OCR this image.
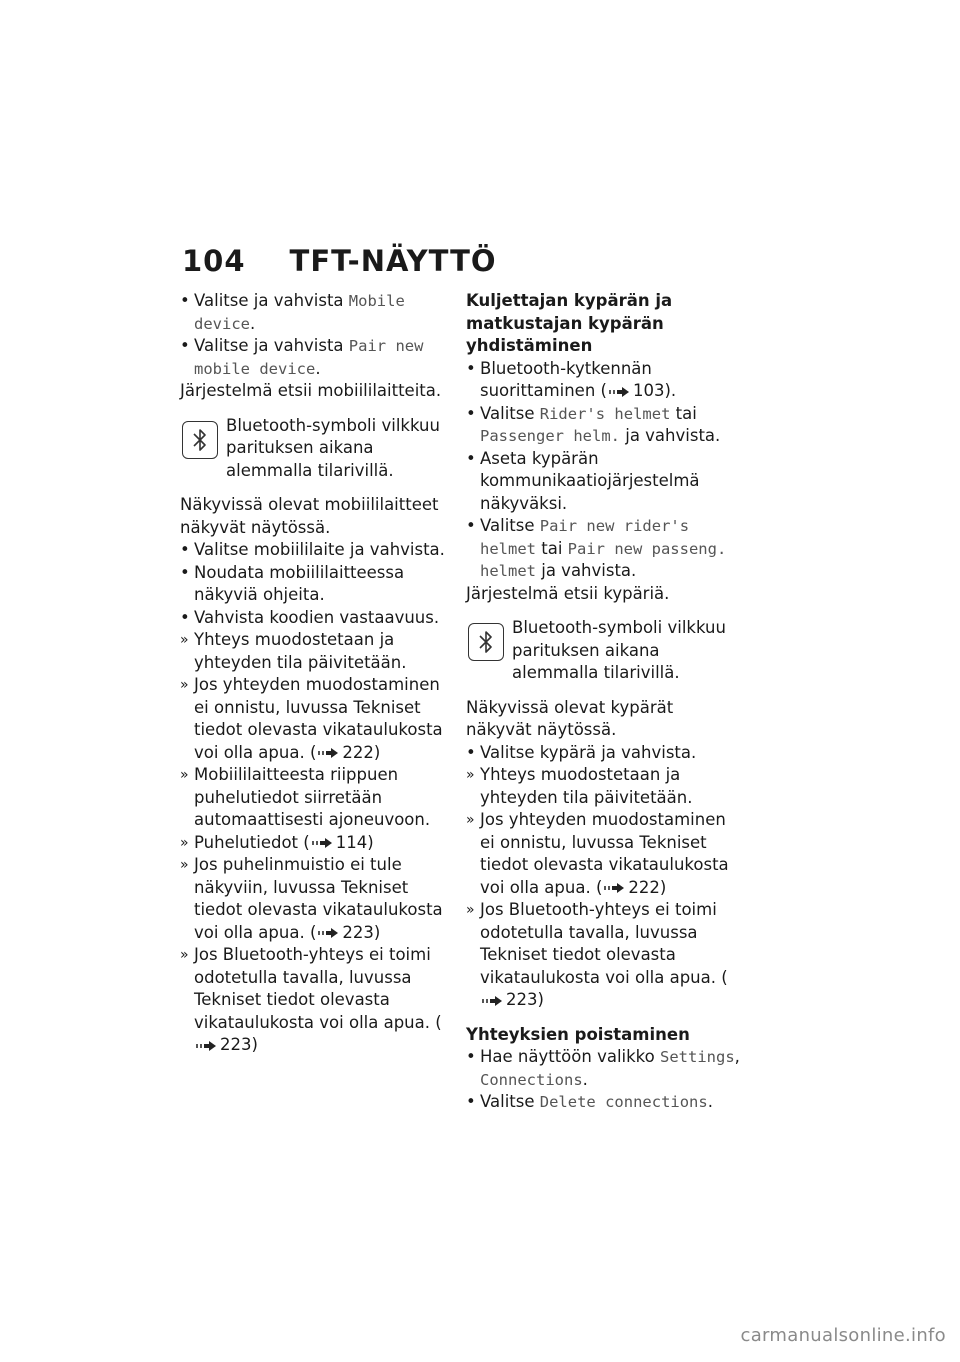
104 TFT-NÄYTTÖ
• Valitse ja vahvista Mobile device.
• Valitse ja vahvista Pair new mobile device.

Järjestelmä etsii mobiililaitteita.

Bluetooth-symboli vilkkuu parituksen aikana alemmalla tilarivillä.

Näkyvissä olevat mobiililaitteet näkyvät näytössä.

• Valitse mobiililaite ja vahvista.
• Noudata mobiililaitteessa näkyviä ohjeita.
• Vahvista koodien vastaavuus.
» Yhteys muodostetaan ja yhteyden tila päivitetään.
» Jos yhteyden muodostaminen ei onnistu, luvussa Tekniset tiedot olevasta vikataulukosta voi olla apua. ( 222)
» Mobiililaitteesta riippuen puhelutiedot siirretään automaattisesti ajoneuvoon.
» Puhelutiedot ( 114)
» Jos puhelinmuistio ei tule näkyviin, luvussa Tekniset tiedot olevasta vikataulukosta voi olla apua. ( 223)
» Jos Bluetooth-yhteys ei toimi odotetulla tavalla, luvussa Tekniset tiedot olevasta vikataulukosta voi olla apua. (223)

Kuljettajan kypärän ja matkustajan kypärän yhdistäminen

• Bluetooth-kytkennän suorittaminen ( 103).
• Valitse Rider's helmet tai Passenger helm. ja vahvista.
• Aseta kypärän kommunikaatiojärjestelmä näkyväksi.
• Valitse Pair new rider's helmet tai Pair new passeng. helmet ja vahvista.

Järjestelmä etsii kypäriä.

Bluetooth-symboli vilkkuu parituksen aikana alemmalla tilarivillä.

Näkyvissä olevat kypärät näkyvät näytössä.

• Valitse kypärä ja vahvista.
» Yhteys muodostetaan ja yhteyden tila päivitetään.
» Jos yhteyden muodostaminen ei onnistu, luvussa Tekniset tiedot olevasta vikataulukosta voi olla apua. ( 222)
» Jos Bluetooth-yhteys ei toimi odotetulla tavalla, luvussa Tekniset tiedot olevasta vikataulukosta voi olla apua. (223)

Yhteyksien poistaminen

• Hae näyttöön valikko Settings, Connections.
• Valitse Delete connections.
carmanualsonline.info
